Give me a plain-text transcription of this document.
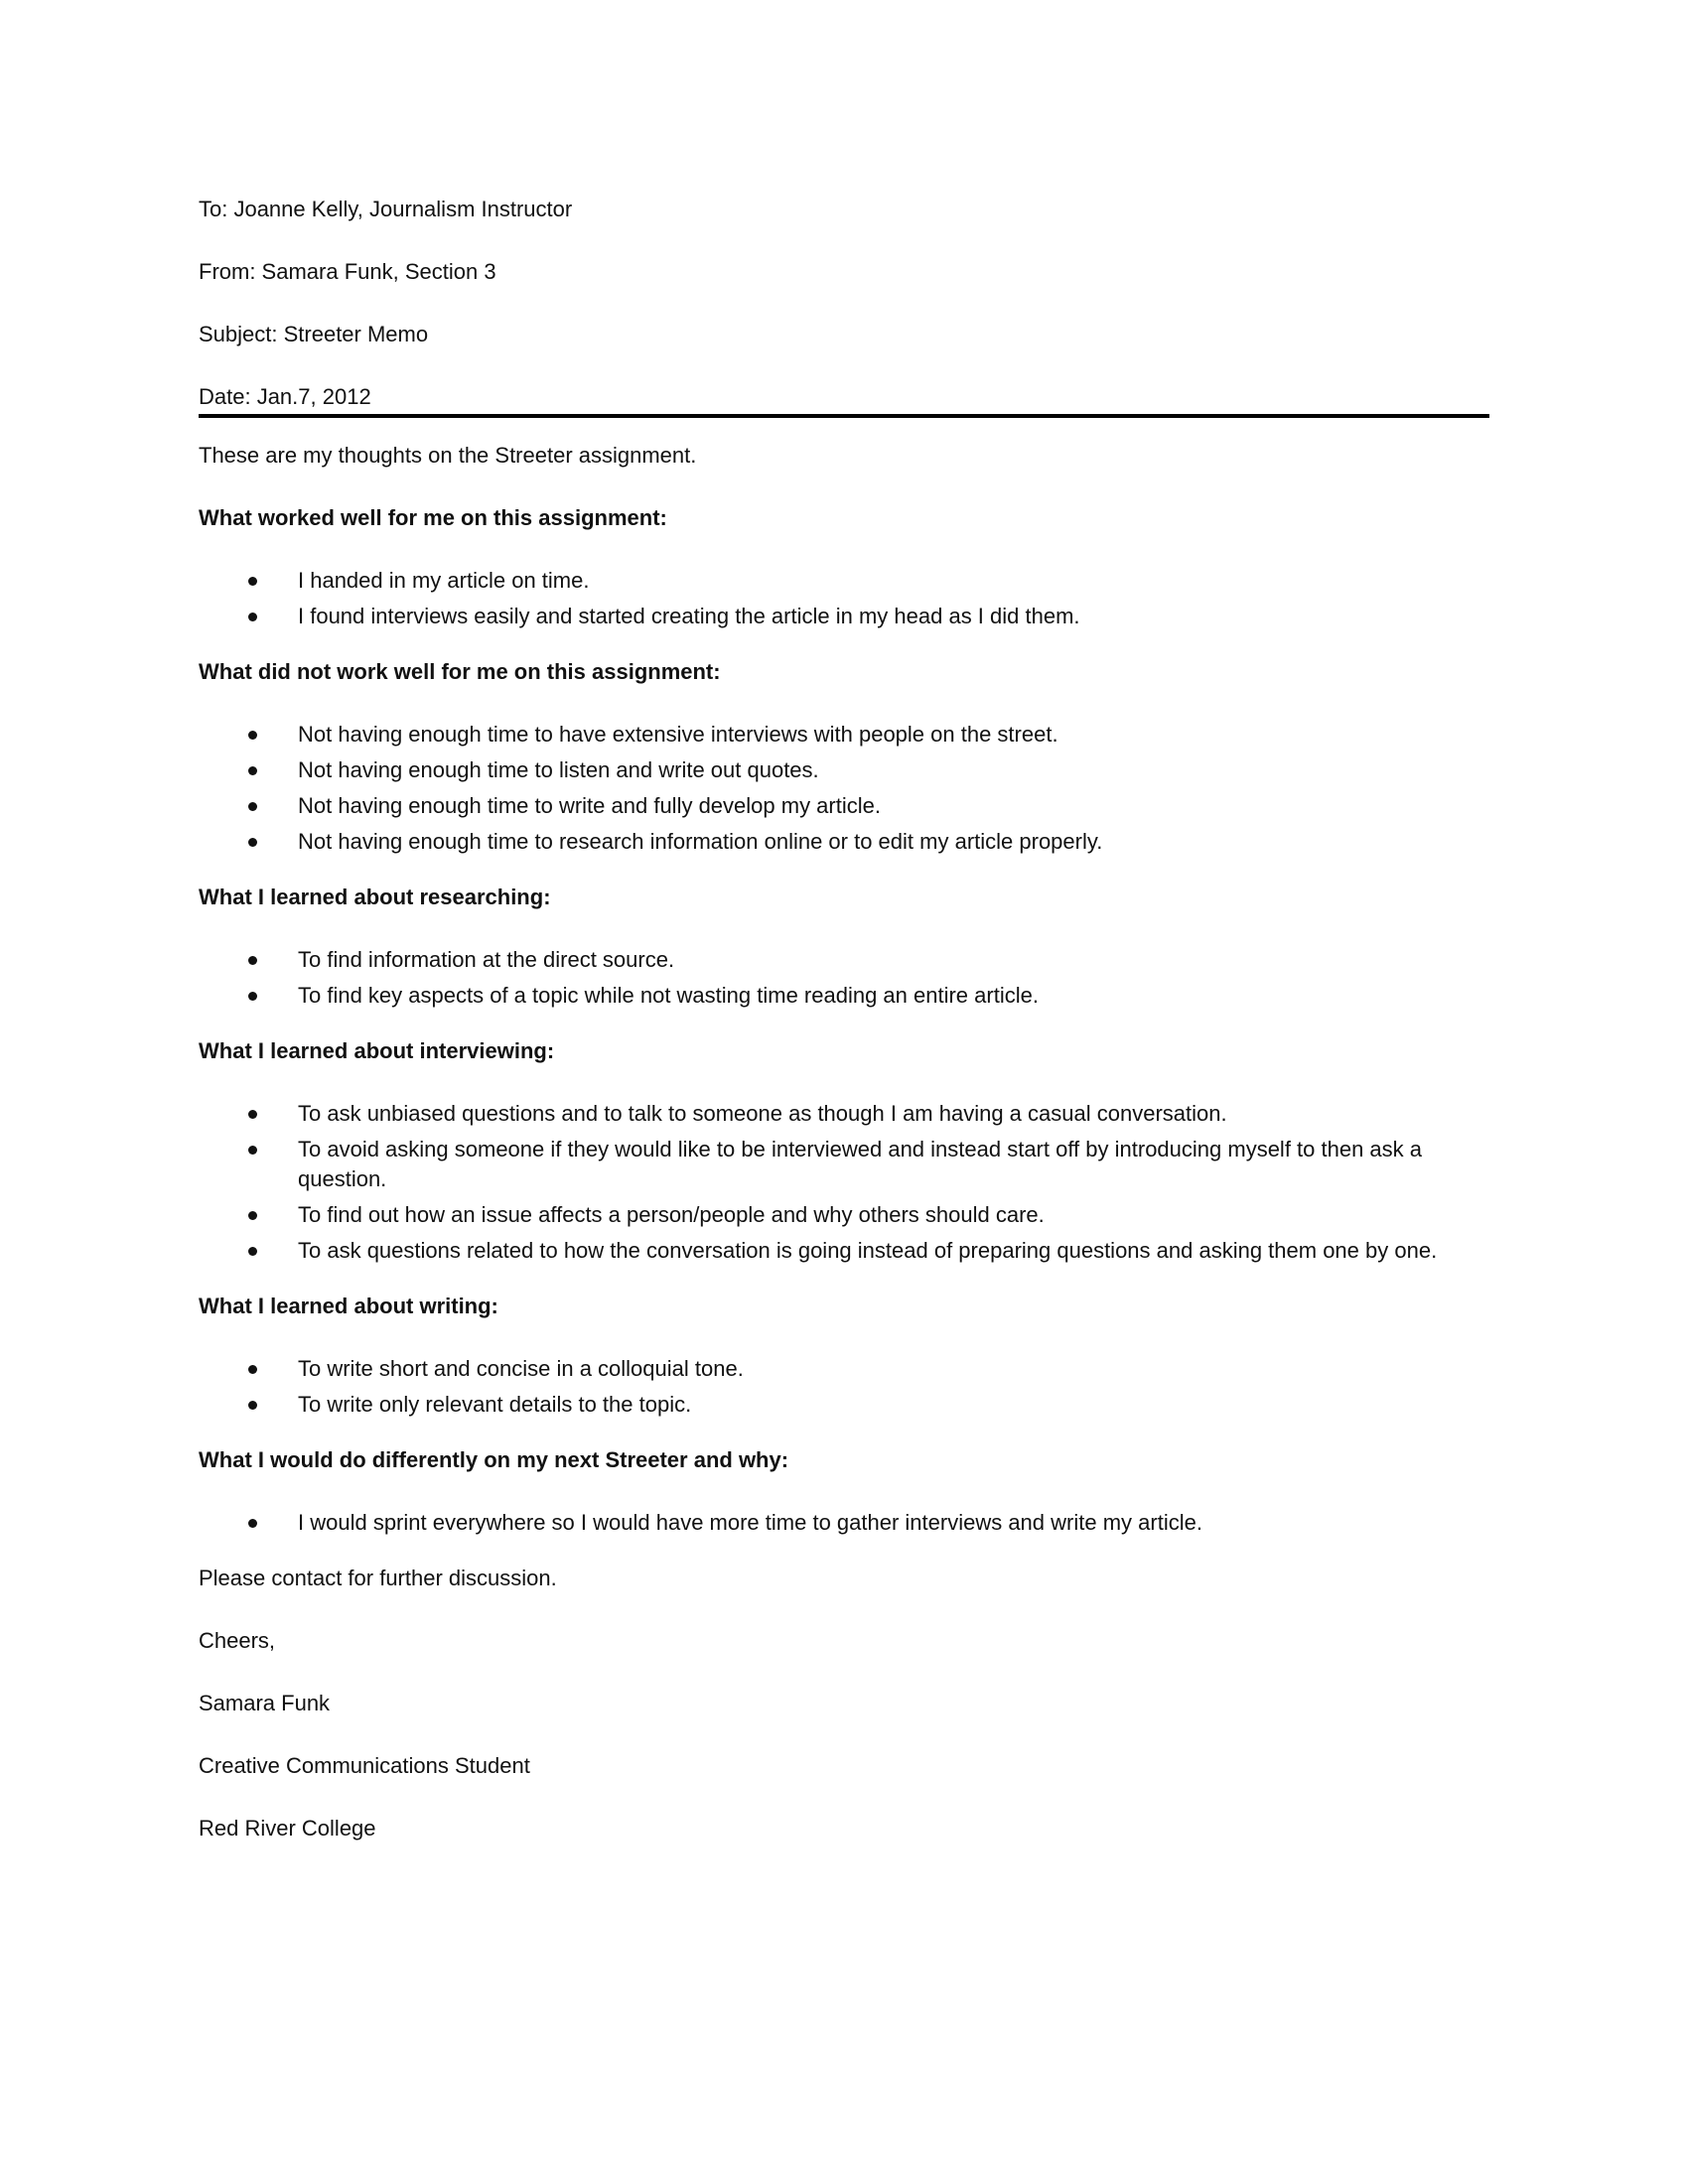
To: Joanne Kelly, Journalism Instructor

From: Samara Funk, Section 3

Subject: Streeter Memo

Date: Jan.7, 2012

These are my thoughts on the Streeter assignment.

What worked well for me on this assignment:

I handed in my article on time.
I found interviews easily and started creating the article in my head as I did them.

What did not work well for me on this assignment:

Not having enough time to have extensive interviews with people on the street.
Not having enough time to listen and write out quotes.
Not having enough time to write and fully develop my article.
Not having enough time to research information online or to edit my article properly.

What I learned about researching:

To find information at the direct source.
To find key aspects of a topic while not wasting time reading an entire article.

What I learned about interviewing:

To ask unbiased questions and to talk to someone as though I am having a casual conversation.
To avoid asking someone if they would like to be interviewed and instead start off by introducing myself to then ask a question.
To find out how an issue affects a person/people and why others should care.
To ask questions related to how the conversation is going instead of preparing questions and asking them one by one.

What I learned about writing:

To write short and concise in a colloquial tone.
To write only relevant details to the topic.

What I would do differently on my next Streeter and why:

I would sprint everywhere so I would have more time to gather interviews and write my article.

Please contact for further discussion.

Cheers,

Samara Funk

Creative Communications Student

Red River College
